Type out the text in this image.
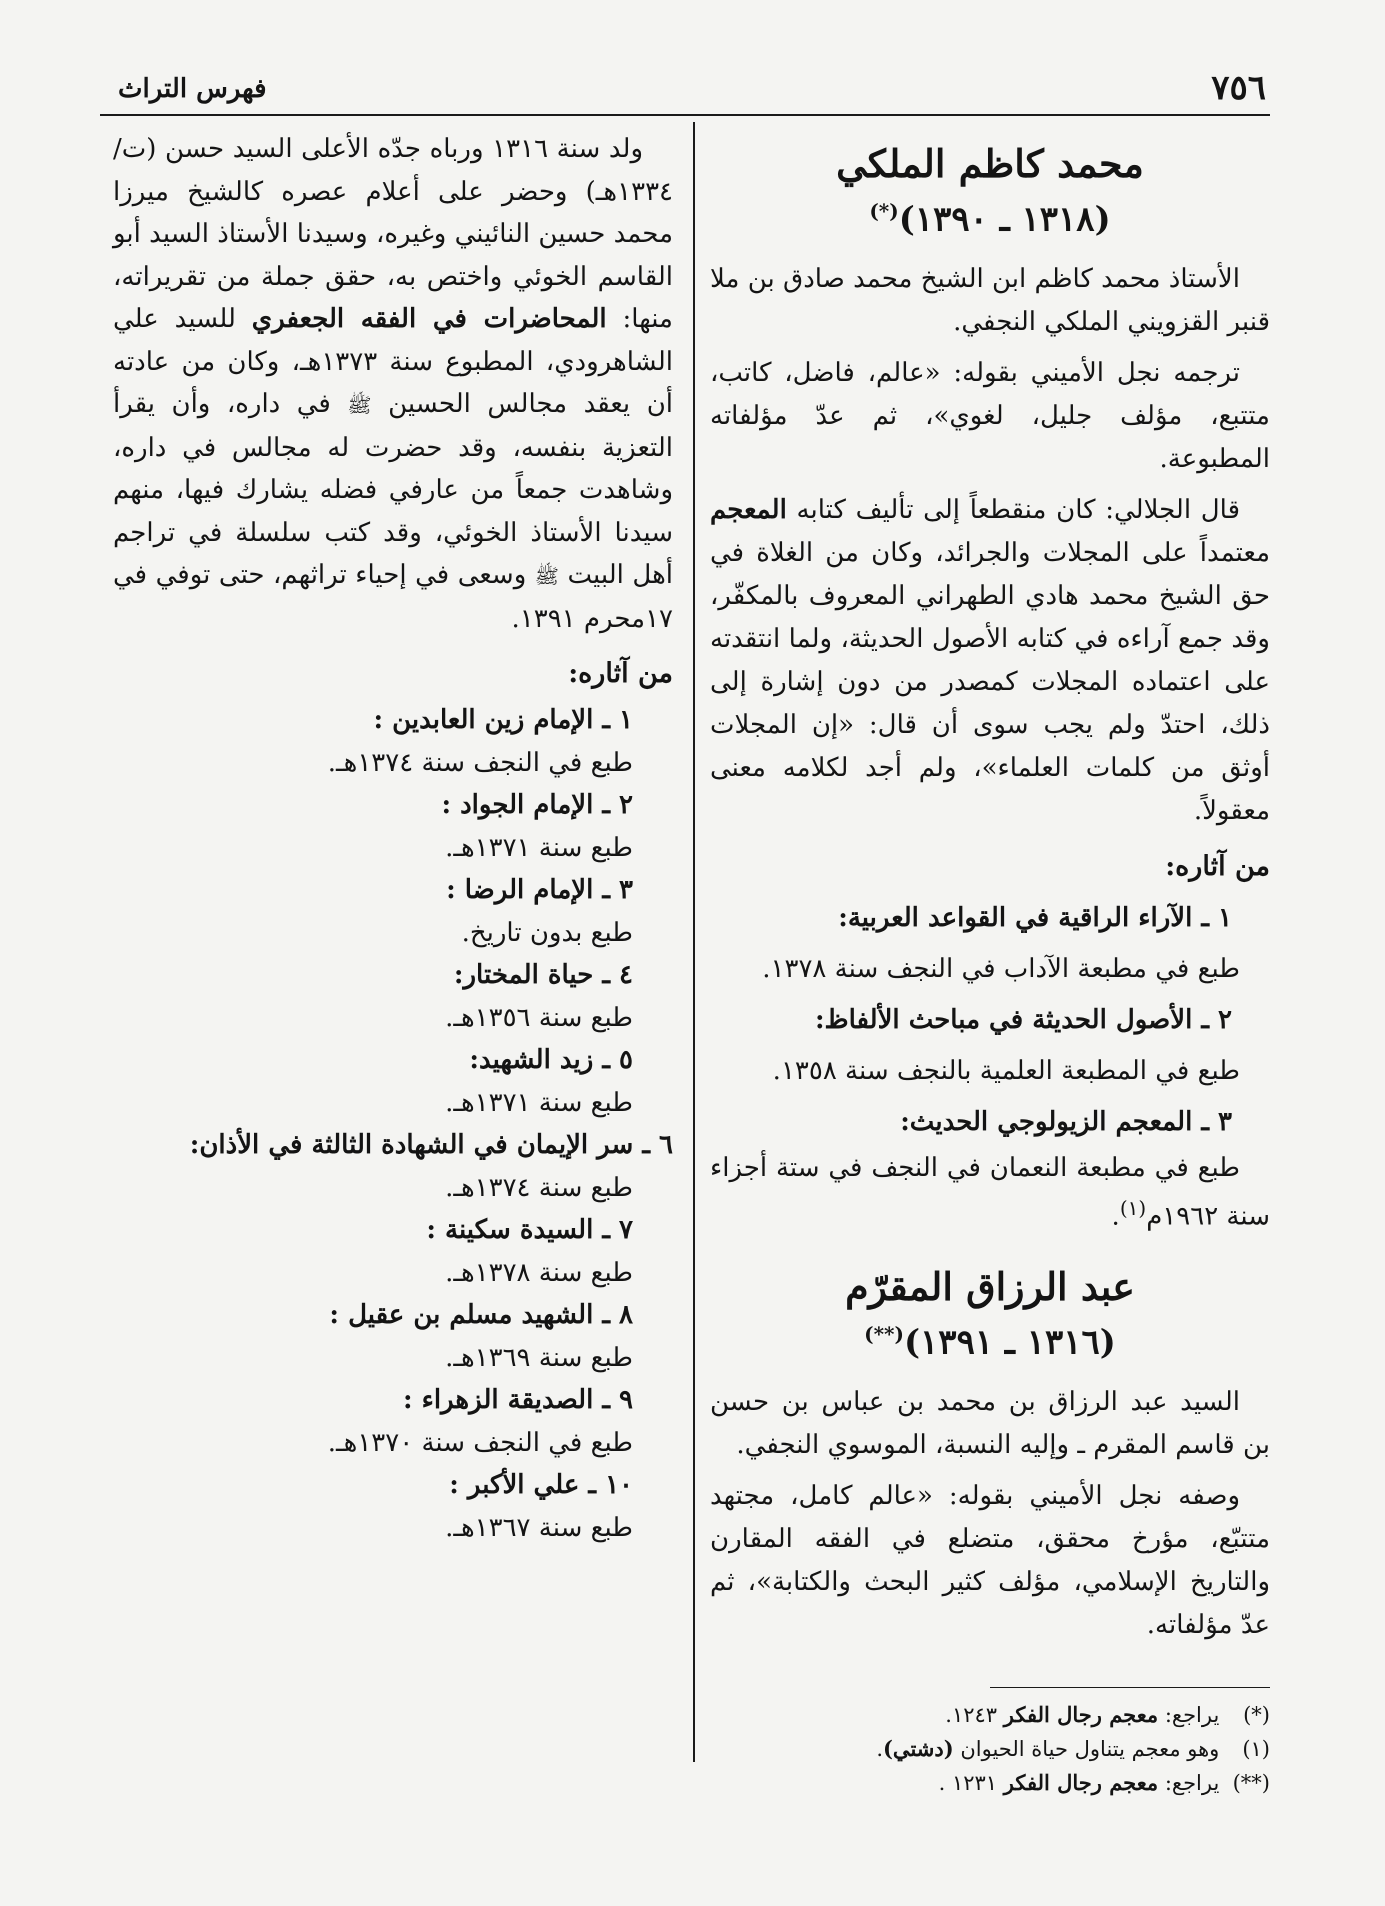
٧٥٦
فهرس التراث
محمد كاظم الملكي
(١٣١٨ ـ ١٣٩٠)(*)

الأستاذ محمد كاظم ابن الشيخ محمد صادق بن ملا قنبر القزويني الملكي النجفي.

ترجمه نجل الأميني بقوله: «عالم، فاضل، كاتب، متتبع، مؤلف جليل، لغوي»، ثم عدّ مؤلفاته المطبوعة.

قال الجلالي: كان منقطعاً إلى تأليف كتابه المعجم معتمداً على المجلات والجرائد، وكان من الغلاة في حق الشيخ محمد هادي الطهراني المعروف بالمكفّر، وقد جمع آراءه في كتابه الأصول الحديثة، ولما انتقدته على اعتماده المجلات كمصدر من دون إشارة إلى ذلك، احتدّ ولم يجب سوى أن قال: «إن المجلات أوثق من كلمات العلماء»، ولم أجد لكلامه معنى معقولاً.

من آثاره:
١ ـ الآراء الراقية في القواعد العربية:
طبع في مطبعة الآداب في النجف سنة ١٣٧٨.
٢ ـ الأصول الحديثة في مباحث الألفاظ:
طبع في المطبعة العلمية بالنجف سنة ١٣٥٨.
٣ ـ المعجم الزيولوجي الحديث:
طبع في مطبعة النعمان في النجف في ستة أجزاء سنة ١٩٦٢م$^{(١)}$.
عبد الرزاق المقرّم
(١٣١٦ ـ ١٣٩١)(**)

السيد عبد الرزاق بن محمد بن عباس بن حسن بن قاسم المقرم ـ وإليه النسبة، الموسوي النجفي.

وصفه نجل الأميني بقوله: «عالم كامل، مجتهد متتبّع، مؤرخ محقق، متضلع في الفقه المقارن والتاريخ الإسلامي، مؤلف كثير البحث والكتابة»، ثم عدّ مؤلفاته.

(*) يراجع: معجم رجال الفكر ١٢٤٣.

(١) وهو معجم يتناول حياة الحيوان (دشتي).

(**) يراجع: معجم رجال الفكر ١٢٣١ .

ولد سنة ١٣١٦ ورباه جدّه الأعلى السيد حسن (ت/ ١٣٣٤هـ) وحضر على أعلام عصره كالشيخ ميرزا محمد حسين النائيني وغيره، وسيدنا الأستاذ السيد أبو القاسم الخوئي واختص به، حقق جملة من تقريراته، منها: المحاضرات في الفقه الجعفري للسيد علي الشاهرودي، المطبوع سنة ١٣٧٣هـ، وكان من عادته أن يعقد مجالس الحسين ﷺ في داره، وأن يقرأ التعزية بنفسه، وقد حضرت له مجالس في داره، وشاهدت جمعاً من عارفي فضله يشارك فيها، منهم سيدنا الأستاذ الخوئي، وقد كتب سلسلة في تراجم أهل البيت ﷺ وسعى في إحياء تراثهم، حتى توفي في ١٧محرم ١٣٩١.

من آثاره:
١ ـ الإمام زين العابدين :
طبع في النجف سنة ١٣٧٤هـ.
٢ ـ الإمام الجواد :
طبع سنة ١٣٧١هـ.
٣ ـ الإمام الرضا :
طبع بدون تاريخ.
٤ ـ حياة المختار:
طبع سنة ١٣٥٦هـ.
٥ ـ زيد الشهيد:
طبع سنة ١٣٧١هـ.
٦ ـ سر الإيمان في الشهادة الثالثة في الأذان:
طبع سنة ١٣٧٤هـ.
٧ ـ السيدة سكينة :
طبع سنة ١٣٧٨هـ.
٨ ـ الشهيد مسلم بن عقيل :
طبع سنة ١٣٦٩هـ.
٩ ـ الصديقة الزهراء :
طبع في النجف سنة ١٣٧٠هـ.
١٠ ـ علي الأكبر :
طبع سنة ١٣٦٧هـ.
